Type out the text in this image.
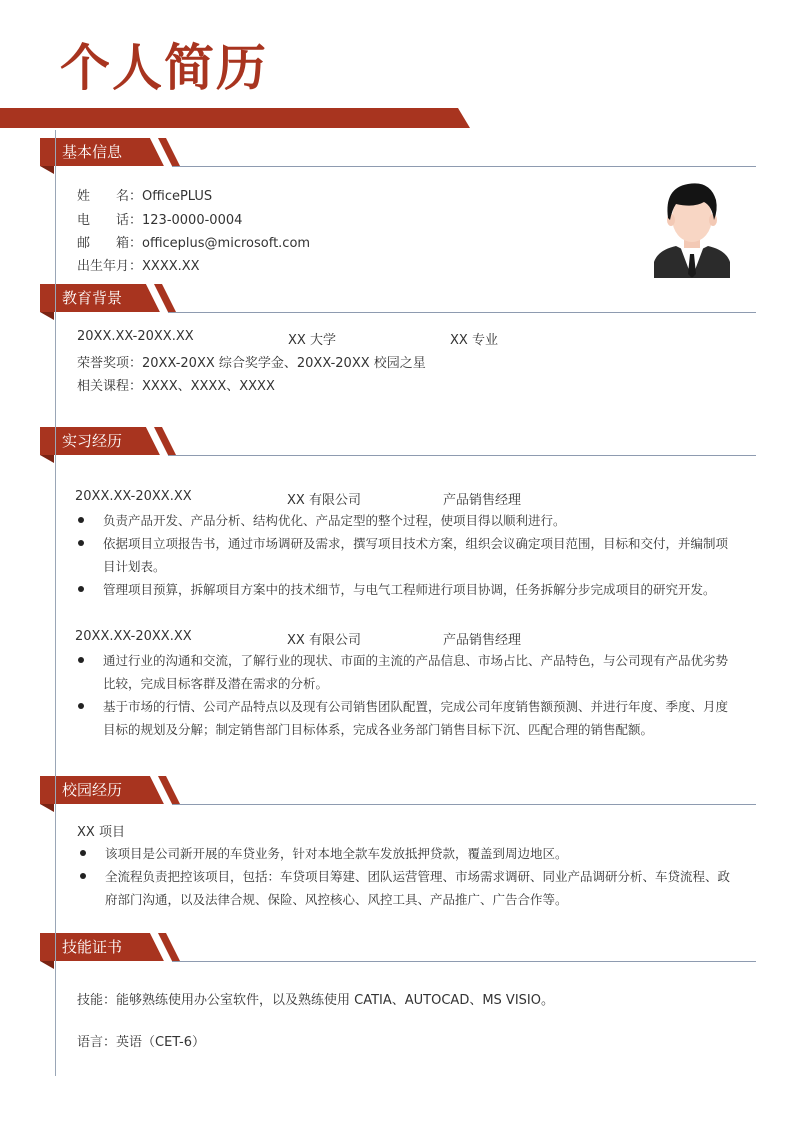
个人简历
基本信息
教育背景
实习经历
校园经历
技能证书
姓　　名：OfficePLUS
电　　话：123-0000-0004
邮　　箱：officeplus@microsoft.com
出生年月：XXXX.XX
20XX.XX-20XX.XX	XX 大学	XX 专业
荣誉奖项：20XX-20XX 综合奖学金、20XX-20XX 校园之星
相关课程：XXXX、XXXX、XXXX
20XX.XX-20XX.XX	XX 有限公司	产品销售经理
负责产品开发、产品分析、结构优化、产品定型的整个过程，使项目得以顺利进行。
依据项目立项报告书，通过市场调研及需求，撰写项目技术方案，组织会议确定项目范围，目标和交付，并编制项目计划表。
管理项目预算，拆解项目方案中的技术细节，与电气工程师进行项目协调，任务拆解分步完成项目的研究开发。
20XX.XX-20XX.XX	XX 有限公司	产品销售经理
通过行业的沟通和交流，了解行业的现状、市面的主流的产品信息、市场占比、产品特色，与公司现有产品优劣势比较，完成目标客群及潜在需求的分析。
基于市场的行情、公司产品特点以及现有公司销售团队配置，完成公司年度销售额预测、并进行年度、季度、月度目标的规划及分解；制定销售部门目标体系，完成各业务部门销售目标下沉、匹配合理的销售配额。
XX 项目
该项目是公司新开展的车贷业务，针对本地全款车发放抵押贷款，覆盖到周边地区。
全流程负责把控该项目，包括：车贷项目筹建、团队运营管理、市场需求调研、同业产品调研分析、车贷流程、政府部门沟通，以及法律合规、保险、风控核心、风控工具、产品推广、广告合作等。
技能：能够熟练使用办公室软件，以及熟练使用 CATIA、AUTOCAD、MS VISIO。
语言：英语（CET-6）
